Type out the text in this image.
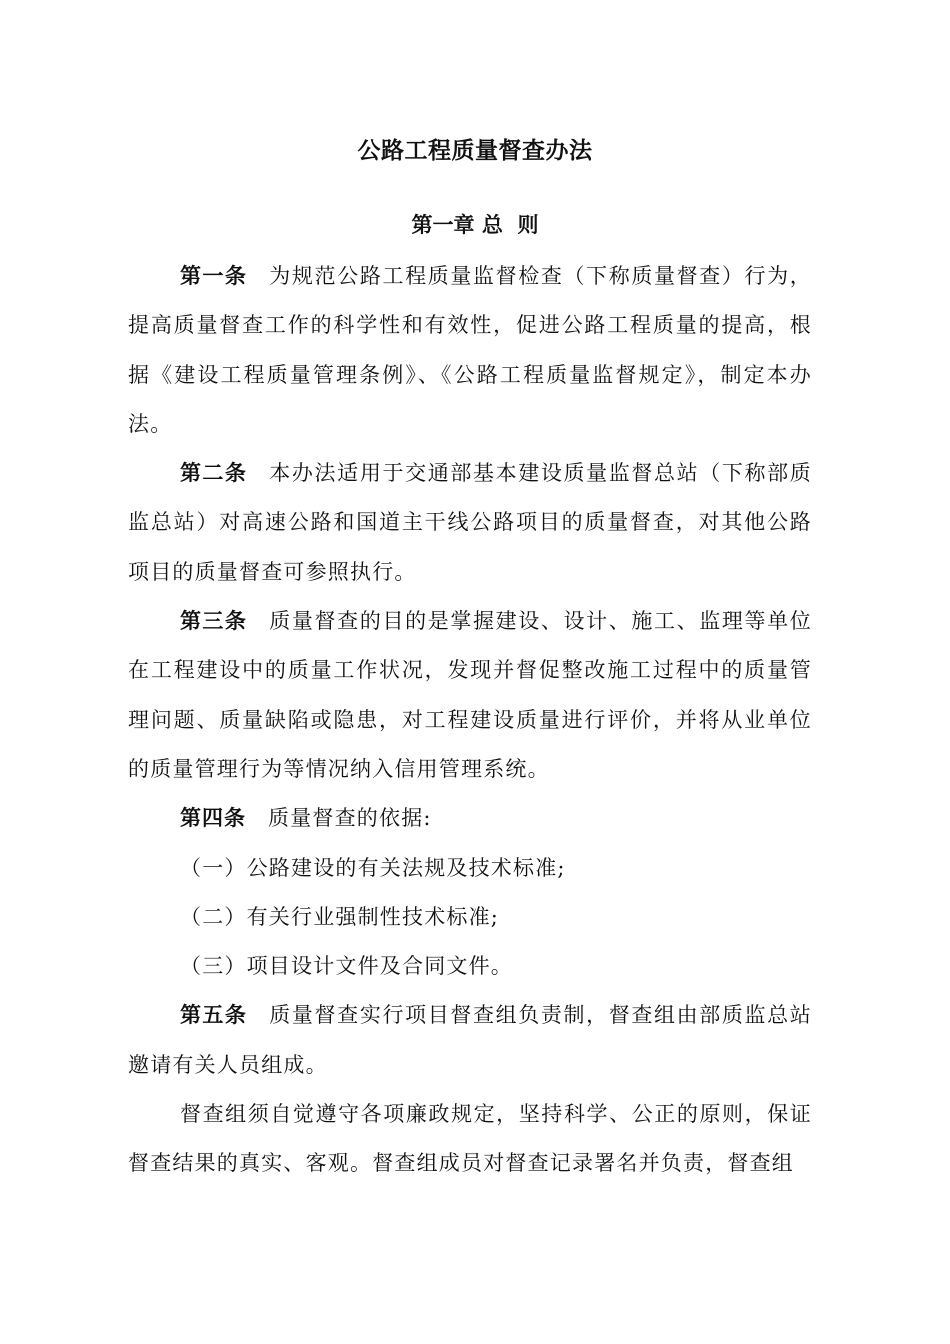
公路工程质量督查办法
第一章 总  则

第一条 为规范公路工程质量监督检查（下称质量督查）行为，提高质量督查工作的科学性和有效性，促进公路工程质量的提高，根据《建设工程质量管理条例》、《公路工程质量监督规定》，制定本办法。

第二条 本办法适用于交通部基本建设质量监督总站（下称部质监总站）对高速公路和国道主干线公路项目的质量督查，对其他公路项目的质量督查可参照执行。

第三条 质量督查的目的是掌握建设、设计、施工、监理等单位在工程建设中的质量工作状况，发现并督促整改施工过程中的质量管理问题、质量缺陷或隐患，对工程建设质量进行评价，并将从业单位的质量管理行为等情况纳入信用管理系统。

第四条 质量督查的依据:

（一）公路建设的有关法规及技术标准;

（二）有关行业强制性技术标准;

（三）项目设计文件及合同文件。

第五条 质量督查实行项目督查组负责制，督查组由部质监总站邀请有关人员组成。

督查组须自觉遵守各项廉政规定，坚持科学、公正的原则，保证督查结果的真实、客观。督查组成员对督查记录署名并负责，督查组
